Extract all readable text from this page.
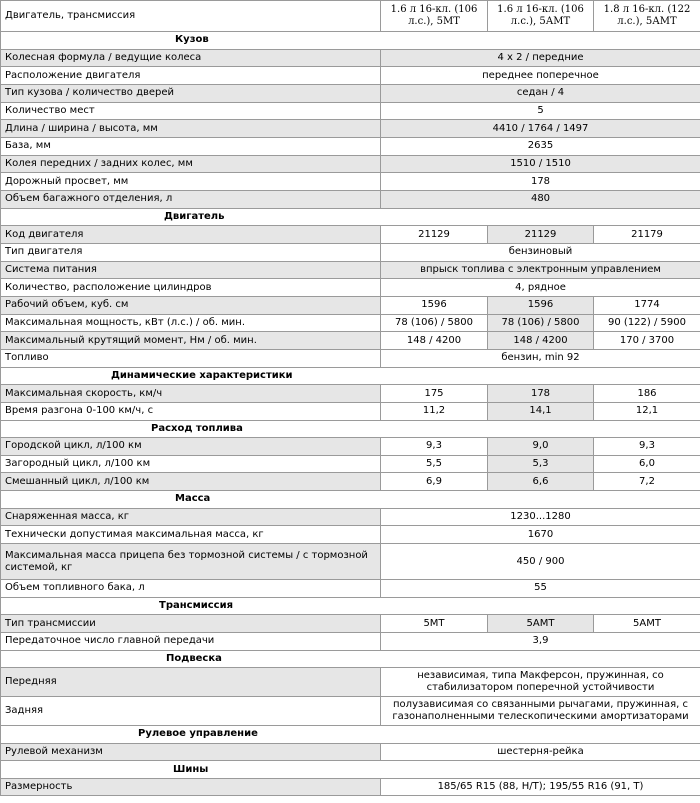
Двигатель, трансмиссия	1.6 л 16-кл. (106 л.с.), 5МТ	1.6 л 16-кл. (106 л.с.), 5АМТ	1.8 л 16-кл. (122 л.с.), 5АМТ
Кузов			
Колесная формула / ведущие колеса	4 x 2 / передние		
Расположение двигателя	переднее поперечное		
Тип кузова / количество дверей	седан / 4		
Количество мест	5		
Длина / ширина / высота, мм	4410 / 1764 / 1497		
База, мм	2635		
Колея передних / задних колес, мм	1510 / 1510		
Дорожный просвет, мм	178		
Объем багажного отделения, л	480		
Двигатель			
Код двигателя	21129	21129	21179
Тип двигателя	бензиновый		
Система питания	впрыск топлива с электронным управлением		
Количество, расположение цилиндров	4, рядное		
Рабочий объем, куб. см	1596	1596	1774
Максимальная мощность, кВт (л.с.) / об. мин.	78 (106) / 5800	78 (106) / 5800	90 (122) / 5900
Максимальный крутящий момент, Нм / об. мин.	148 / 4200	148 / 4200	170 / 3700
Топливо	бензин, min 92		
Динамические характеристики			
Максимальная скорость, км/ч	175	178	186
Время разгона 0-100 км/ч, с	11,2	14,1	12,1
Расход топлива			
Городской цикл, л/100 км	9,3	9,0	9,3
Загородный цикл, л/100 км	5,5	5,3	6,0
Смешанный цикл, л/100 км	6,9	6,6	7,2
Масса			
Снаряженная масса, кг	1230...1280		
Технически допустимая максимальная масса, кг	1670		
Максимальная масса прицепа без тормозной системы / с тормозной системой, кг	450 / 900		
Объем топливного бака, л	55		
Трансмиссия			
Тип трансмиссии	5МТ	5АМТ	5АМТ
Передаточное число главной передачи	3,9		
Подвеска			
Передняя	независимая, типа Макферсон, пружинная, со стабилизатором поперечной устойчивости		
Задняя	полузависимая со связанными рычагами, пружинная, с газонаполненными телескопическими амортизаторами		
Рулевое управление			
Рулевой механизм	шестерня-рейка		
Шины			
Размерность	185/65 R15 (88, H/T); 195/55 R16 (91, T)		
